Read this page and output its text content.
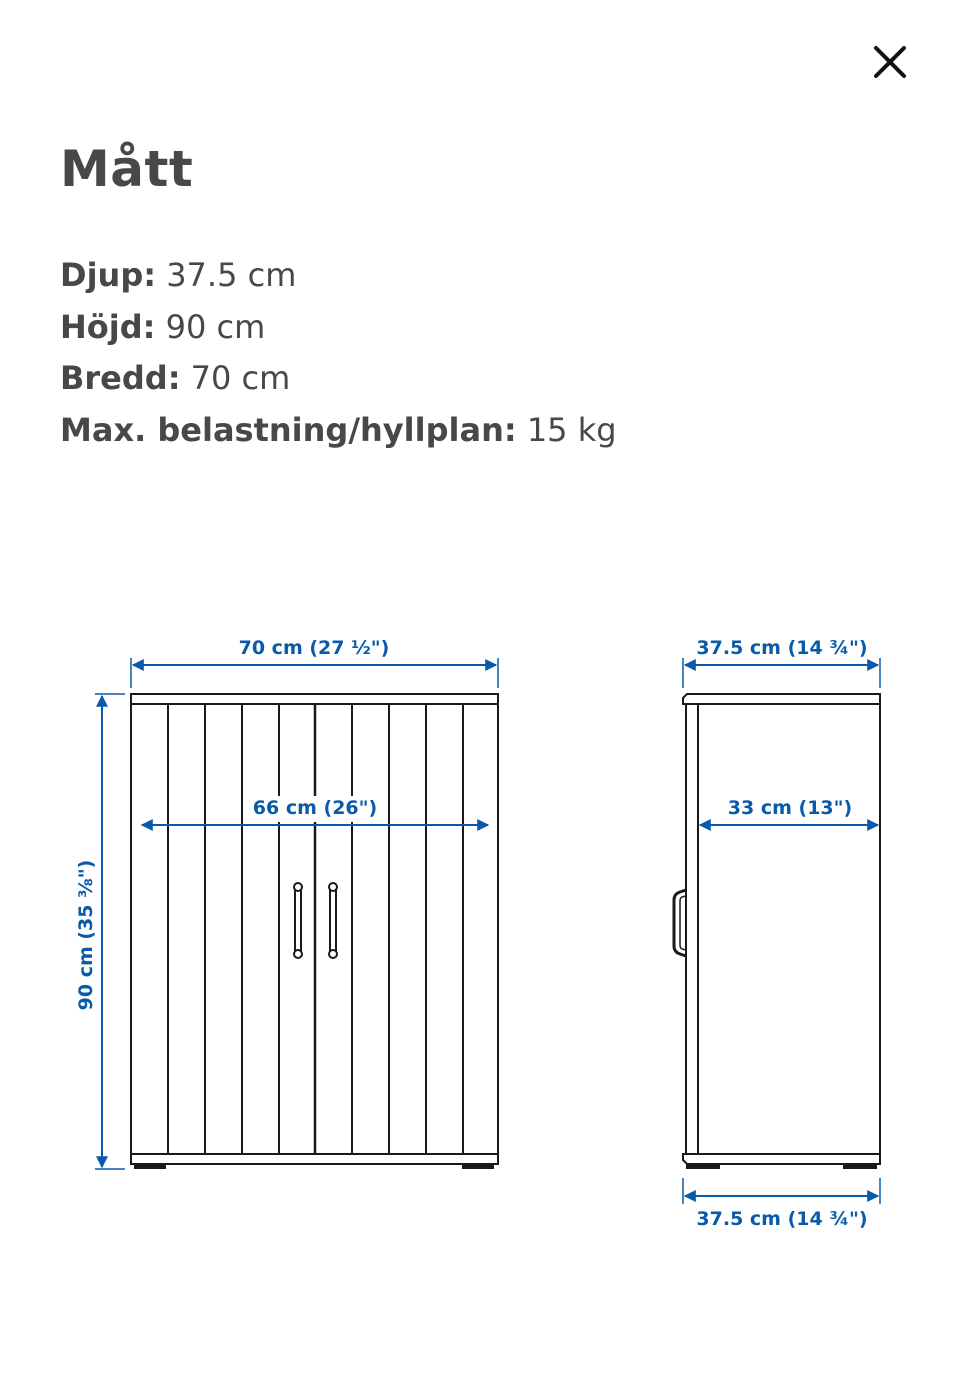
Mått
Djup: 37.5 cm
Höjd: 90 cm
Bredd: 70 cm
Max. belastning/hyllplan: 15 kg
70 cm (27 ½")
66 cm (26")
90 cm (35 ⅜")
37.5 cm (14 ¾")
33 cm (13")
37.5 cm (14 ¾")
